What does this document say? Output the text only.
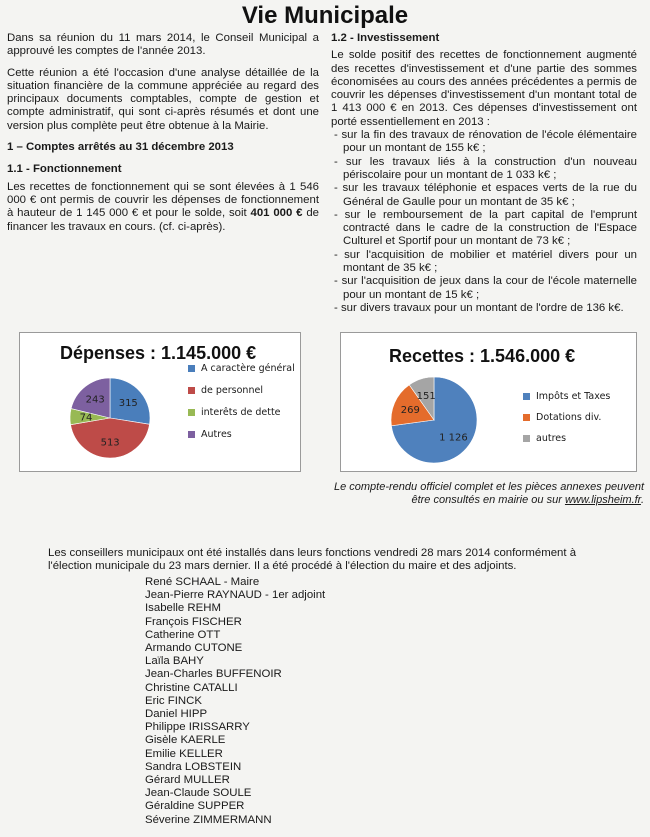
Vie Municipale

Dans sa réunion du 11 mars 2014, le Conseil Municipal a approuvé les comptes de l'année 2013.

Cette réunion a été l'occasion d'une analyse détaillée de la situation financière de la commune appréciée au regard des principaux documents comptables, compte de gestion et compte administratif, qui sont ci-après résumés et dont une version plus complète peut être obtenue à la Mairie.

1 – Comptes arrêtés au 31 décembre 2013
1.1 - Fonctionnement

Les recettes de fonctionnement qui se sont élevées à 1 546 000 € ont permis de couvrir les dépenses de fonctionnement à hauteur de 1 145 000 € et pour le solde, soit 401 000 € de financer les travaux en cours. (cf. ci-après).

1.2 - Investissement

Le solde positif des recettes de fonctionnement augmenté des recettes d'investissement et d'une partie des sommes économisées au cours des années précédentes a permis de couvrir les dépenses d'investissement d'un montant total de 1 413 000 € en 2013. Ces dépenses d'investissement ont porté essentiellement en 2013 :

- sur la fin des travaux de rénovation de l'école élémentaire pour un montant de 155 k€ ;
- sur les travaux liés à la construction d'un nouveau périscolaire pour un montant de 1 033 k€ ;
- sur les travaux téléphonie et espaces verts de la rue du Général de Gaulle pour un montant de 35 k€ ;
- sur le remboursement de la part capital de l'emprunt contracté dans le cadre de la construction de l'Espace Culturel et Sportif pour un montant de 73 k€ ;
- sur l'acquisition de mobilier et matériel divers pour un montant de 35 k€ ;
- sur l'acquisition de jeux dans la cour de l'école maternelle pour un montant de 15 k€ ;
- sur divers travaux pour un montant de l'ordre de 136 k€.
Dépenses : 1.145.000 €
315
513
74
243
A caractère général
de personnel
interêts de dette
Autres
Recettes : 1.546.000 €
1 126
269
151	Impôts et Taxes
Dotations div.
autres
Le compte-rendu officiel complet et les pièces annexes peuvent être consultés en mairie ou sur www.lipsheim.fr.
Les conseillers municipaux ont été installés dans leurs fonctions vendredi 28 mars 2014 conformément à l'élection municipale du 23 mars dernier. Il a été procédé à l'élection du maire et des adjoints.
René SCHAAL - Maire
Jean-Pierre RAYNAUD - 1er adjoint
Isabelle REHM
François FISCHER
Catherine OTT
Armando CUTONE
Laïla BAHY
Jean-Charles BUFFENOIR
Christine CATALLI
Eric FINCK
Daniel HIPP
Philippe IRISSARRY
Gisèle KAERLE
Emilie KELLER
Sandra LOBSTEIN
Gérard MULLER
Jean-Claude SOULE
Géraldine SUPPER
Séverine ZIMMERMANN
